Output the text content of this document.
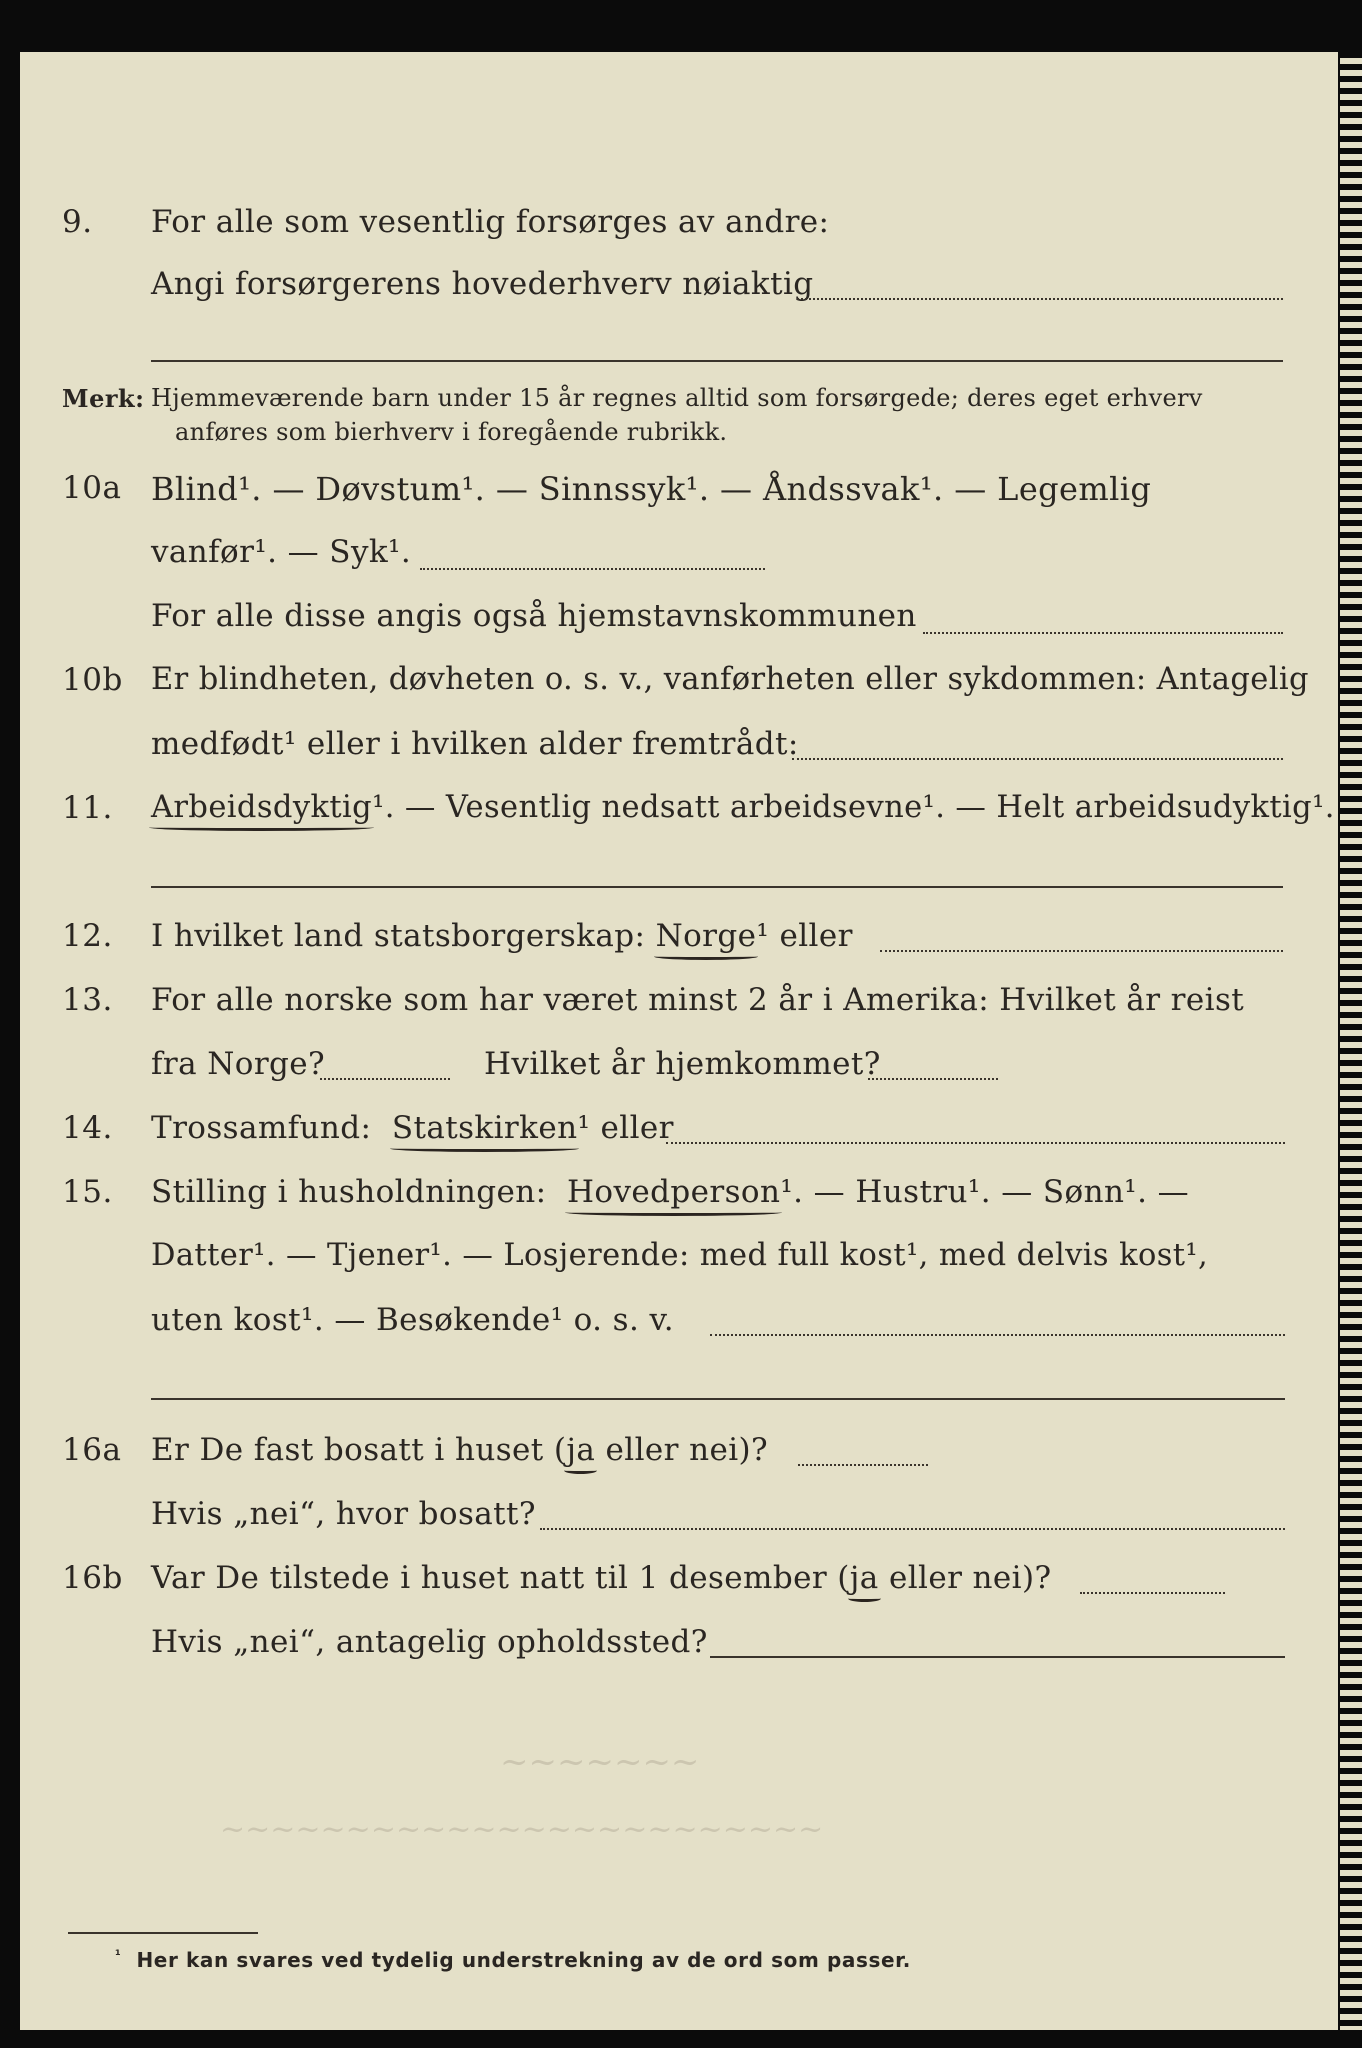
9. For alle som vesentlig forsørges av andre:
Angi forsørgerens hovederhverv nøiaktig
Merk: Hjemmeværende barn under 15 år regnes alltid som forsørgede; deres eget erhverv
anføres som bierhverv i foregående rubrikk.
10a Blind¹. — Døvstum¹. — Sinnssyk¹. — Åndssvak¹. — Legemlig
vanfør¹. — Syk¹.
For alle disse angis også hjemstavnskommunen
10b Er blindheten, døvheten o. s. v., vanførheten eller sykdommen: Antagelig
medfødt¹ eller i hvilken alder fremtrådt:
11. Arbeidsdyktig¹. — Vesentlig nedsatt arbeidsevne¹. — Helt arbeidsudyktig¹.
12. I hvilket land statsborgerskap: Norge¹ eller
13. For alle norske som har været minst 2 år i Amerika: Hvilket år reist
fra Norge?	Hvilket år hjemkommet?
14. Trossamfund: Statskirken¹ eller
15. Stilling i husholdningen: Hovedperson¹. — Hustru¹. — Sønn¹. —
Datter¹. — Tjener¹. — Losjerende: med full kost¹, med delvis kost¹,
uten kost¹. — Besøkende¹ o. s. v.
16a Er De fast bosatt i huset (ja eller nei)?
Hvis „nei“, hvor bosatt?
16b Var De tilstede i huset natt til 1 desember (ja eller nei)?
Hvis „nei“, antagelig opholdssted?
~~~~~~~
~~~~~~~~~~~~~~~~~~~~~~~~
$^{^1}$ Her kan svares ved tydelig understrekning av de ord som passer.
